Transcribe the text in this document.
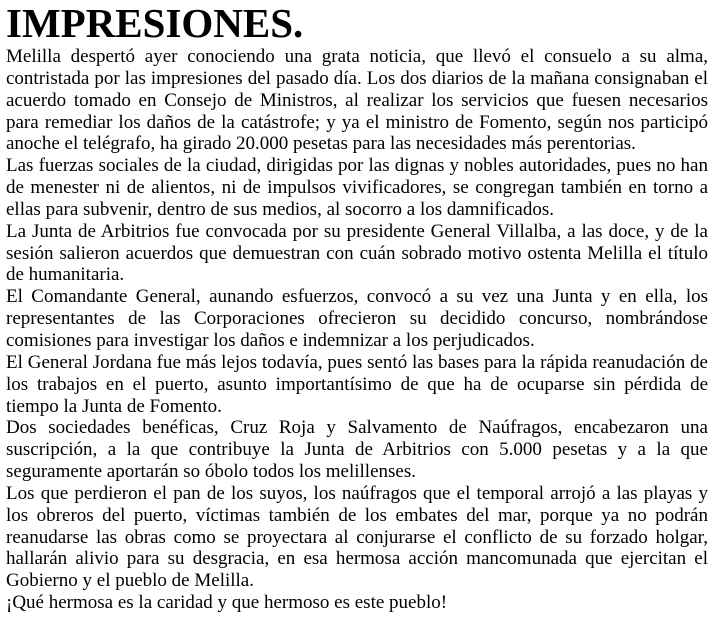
IMPRESIONES.

Melilla despertó ayer conociendo una grata noticia, que llevó el consuelo a su alma, contristada por las impresiones del pasado día. Los dos diarios de la mañana consignaban el acuerdo tomado en Consejo de Ministros, al realizar los servicios que fuesen necesarios para remediar los daños de la catástrofe; y ya el ministro de Fomento, según nos participó anoche el telégrafo, ha girado 20.000 pesetas para las necesidades más perentorias.

Las fuerzas sociales de la ciudad, dirigidas por las dignas y nobles autoridades, pues no han de menester ni de alientos, ni de impulsos vivificadores, se congregan también en torno a ellas para subvenir, dentro de sus medios, al socorro a los damnificados.

La Junta de Arbitrios fue convocada por su presidente General Villalba, a las doce, y de la sesión salieron acuerdos que demuestran con cuán sobrado motivo ostenta Melilla el título de humanitaria.

El Comandante General, aunando esfuerzos, convocó a su vez una Junta y en ella, los representantes de las Corporaciones ofrecieron su decidido concurso, nombrándose comisiones para investigar los daños e indemnizar a los perjudicados.

El General Jordana fue más lejos todavía, pues sentó las bases para la rápida reanudación de los trabajos en el puerto, asunto importantísimo de que ha de ocuparse sin pérdida de tiempo la Junta de Fomento.

Dos sociedades benéficas, Cruz Roja y Salvamento de Naúfragos, encabezaron una suscripción, a la que contribuye la Junta de Arbitrios con 5.000 pesetas y a la que seguramente aportarán so óbolo todos los melillenses.

Los que perdieron el pan de los suyos, los naúfragos que el temporal arrojó a las playas y los obreros del puerto, víctimas también de los embates del mar, porque ya no podrán reanudarse las obras como se proyectara al conjurarse el conflicto de su forzado holgar, hallarán alivio para su desgracia, en esa hermosa acción mancomunada que ejercitan el Gobierno y el pueblo de Melilla.

¡Qué hermosa es la caridad y que hermoso es este pueblo!
